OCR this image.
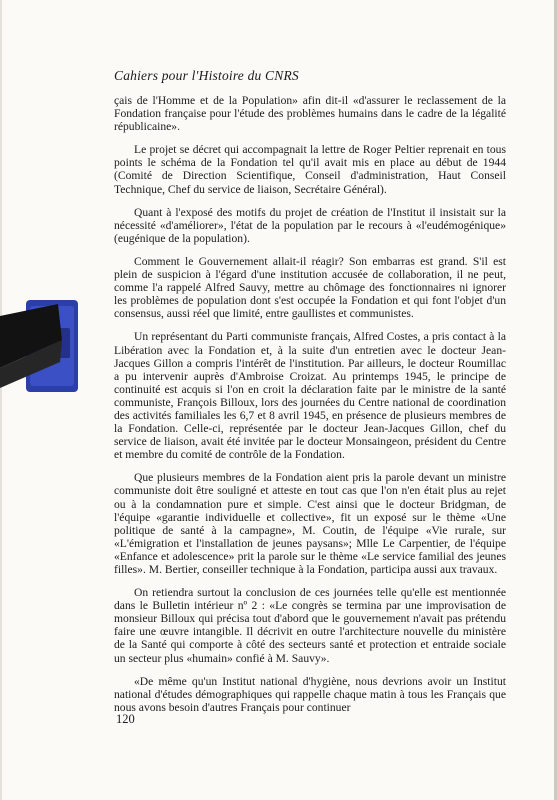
Cahiers pour l'Histoire du CNRS

çais de l'Homme et de la Population» afin dit-il «d'assurer le reclassement de la Fondation française pour l'étude des problèmes humains dans le cadre de la légalité républicaine».

Le projet se décret qui accompagnait la lettre de Roger Peltier reprenait en tous points le schéma de la Fondation tel qu'il avait mis en place au début de 1944 (Comité de Direction Scientifique, Conseil d'administration, Haut Conseil Technique, Chef du service de liaison, Secrétaire Général).

Quant à l'exposé des motifs du projet de création de l'Institut il insistait sur la nécessité «d'améliorer», l'état de la population par le recours à «l'eudémogénique» (eugénique de la population).

Comment le Gouvernement allait-il réagir? Son embarras est grand. S'il est plein de suspicion à l'égard d'une institution accusée de collaboration, il ne peut, comme l'a rappelé Alfred Sauvy, mettre au chômage des fonctionnaires ni ignorer les problèmes de population dont s'est occupée la Fondation et qui font l'objet d'un consensus, aussi réel que limité, entre gaullistes et communistes.

Un représentant du Parti communiste français, Alfred Costes, a pris contact à la Libération avec la Fondation et, à la suite d'un entretien avec le docteur Jean-Jacques Gillon a compris l'intérêt de l'institution. Par ailleurs, le docteur Roumillac a pu intervenir auprès d'Ambroise Croizat. Au printemps 1945, le principe de continuité est acquis si l'on en croit la déclaration faite par le ministre de la santé communiste, François Billoux, lors des journées du Centre national de coordination des activités familiales les 6,7 et 8 avril 1945, en présence de plusieurs membres de la Fondation. Celle-ci, représentée par le docteur Jean-Jacques Gillon, chef du service de liaison, avait été invitée par le docteur Monsaingeon, président du Centre et membre du comité de contrôle de la Fondation.

Que plusieurs membres de la Fondation aient pris la parole devant un ministre communiste doit être souligné et atteste en tout cas que l'on n'en était plus au rejet ou à la condamnation pure et simple. C'est ainsi que le docteur Bridgman, de l'équipe «garantie individuelle et collective», fit un exposé sur le thème «Une politique de santé à la campagne», M. Coutin, de l'équipe «Vie rurale, sur «L'émigration et l'installation de jeunes paysans»; Mlle Le Carpentier, de l'équipe «Enfance et adolescence» prit la parole sur le thème «Le service familial des jeunes filles». M. Bertier, conseiller technique à la Fondation, participa aussi aux travaux.

On retiendra surtout la conclusion de ces journées telle qu'elle est mentionnée dans le Bulletin intérieur nº 2 : «Le congrès se termina par une improvisation de monsieur Billoux qui précisa tout d'abord que le gouvernement n'avait pas prétendu faire une œuvre intangible. Il décrivit en outre l'architecture nouvelle du ministère de la Santé qui comporte à côté des secteurs santé et protection et entraide sociale un secteur plus «humain» confié à M. Sauvy».

«De même qu'un Institut national d'hygiène, nous devrions avoir un Institut national d'études démographiques qui rappelle chaque matin à tous les Français que nous avons besoin d'autres Français pour continuer

120
